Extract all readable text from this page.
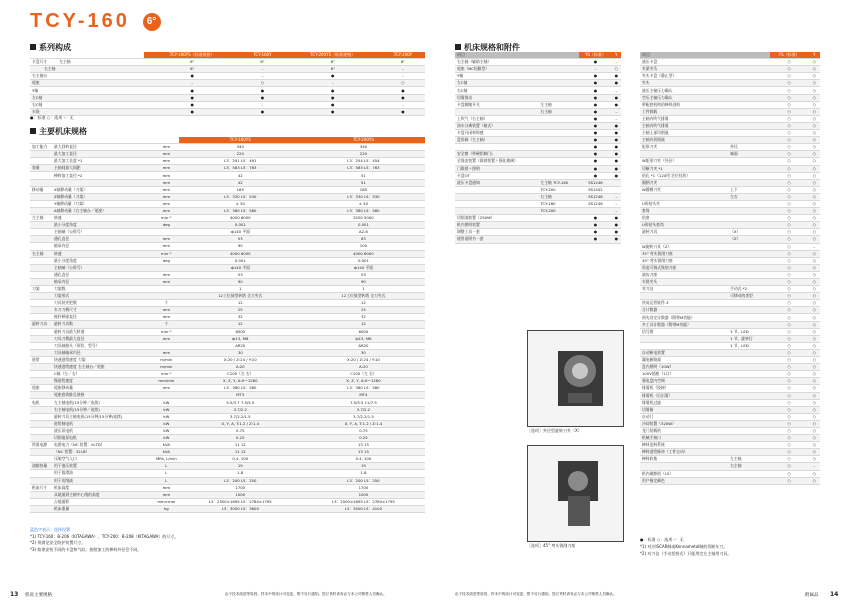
TCY-160 6°
系列构成
	TCY-160YS（标准规格）	TCY-160Y	TCY-200YS（标准规格）	TCY-200Y
卡盘尺寸 左主轴	6"	6"	8"	8"
右主轴	6"	–	6"	–
右主轴台	●	–	●	–
尾座	–	○	–	○
Y轴	●	●	●	●
左C轴	●	●	●	●
右C轴	●	–	●	–
车铣	●	●	●	●
●：标准 ○：选项 –：无
主要机床规格
		TCY-160YS	TCY-200YS
加工能力 最大回转直径	mm	340	340
最大加工直径	mm	220	220
最大加工长度 *1	mm	L3：291 L5：491	L3：254 L5：454
容量 主轴间最大间距	mm	L3：583 L5：763	L3：583 L5：763
棒料加工直径 *2	mm	42	51
	mm	42	51
移动量 X轴移动量（刀架）	mm	185	185
Z轴移动量（刀架）	mm	L3：330 L5：530	L3：330 L5：530
Y轴移动量（刀架）	mm	± 30	± 30
A轴移动量（右主轴台／尾座）	mm	L3：380 L5：580	L3：380 L5：580
左主轴 转速	min⁻¹	4000 6000	3200 5000
最小分度角度	deg	0.001	0.001
主轴端（公称号）		ф140 平面	A2-6
通孔直径	mm	53	63
轴承内径	mm	90	100
右主轴 转速	min⁻¹	4000 6000	4000 6000
最小分度角度	deg	0.001	0.001
主轴端（公称号）		ф140 平面	ф140 平面
通孔直径	mm	53	53
轴承内径	mm	90	90
刀架 刀架数		1	1
刀架形式		12工位鼓型转塔 全刀夹式	12工位鼓型转塔 全刀夹式
刀具装夹把数	个	12	12
车刀刀柄尺寸	mm	25	25
镗杆柄部直径	mm	32	32
旋转刀具 旋转刀具数	个	12	12
旋转刀具最大转速	min⁻¹	6000	6000
刀具刀柄最大直径	mm	ф13, M8	ф13, M8
刀具轴接头（形状、型号）		AR20	AR20
刀具轴轴承内径	mm	30	30
进给 快速进给速度 刀架	m/min	X:20 / Z:24 / Y:10	X:20 / Z:24 / Y:10
快速进给速度 右主轴台／尾座	m/min	A:20	A:20
C轴（左／右）	min⁻¹	C100（左 右）	C100（左 右）
慢进给速度	mm/min	X, Z, Y, A:0～1260	X, Z, Y, A:0～1260
尾座 尾座移动量	mm	L3：380 L5：580	L3：380 L5：580
尾座套筒锥孔规格		MT3	MT4
电机 左主轴电机(15分钟／连续)	kW	5.5/3.7 7.5/5.5	7.5/5.5 11/7.5
右主轴电机(15分钟／连续)	kW	3.7/2.2	3.7/2.2
旋转刀具主轴电机(15分钟/15分钟/连续)	kW	3.7/2.2/1.5	3.7/2.2/1.5
进给轴电机	kW	X, Y, A, T:1.2 / Z:1.4	X, Y, A, T:1.2 / Z:1.4
液压泵电机	kW	0.75	0.75
切削液泵电机	kW	0.25	0.25
所需电源 电源电力（NC 装置：0i-TD）	kVA	11 12	13 15
（NC 装置：32i-B）	kVA	11 12	13 15
压缩空气入口	MPa, L/min	0.4, 100	0.4, 100
油箱容量 用于液压装置	L	19	19
用于润滑油	L	1.8	1.8
用于切削液	L	L3：200 L5：250	L3：200 L5：250
机床尺寸 机床高度	mm	1700	1700
从地面到主轴中心线的高度	mm	1000	1000
占地面积	mm×mm	L3：2500×1695 L5：2780×1795	L3：2500×1695 L5：2780×1795
机床重量	kg	L3：3050 L5：3600	L3：3500 L5：4100
蓝色字表示：选择设置
*1) TCY-160：B-206（KITAGAWA）、TCY-200：B-208（KITAGAWA）的尺寸。
*2) 须满足安全防护装置尺寸。
*3) 如果安装不同的卡盘和气缸，按照加工的棒料外径会不同。
机床规格和附件
项目		YS（标准）	Y
右主轴（辅助主轴）		●	–
尾座（NC伺服型）		–	○
Y轴		●	●
左C轴		●	●
右C轴		●	–
切屑推出		●	●
卡盘脚踏开关	左主轴	●	●
	右主轴	●	–
上吹气（右主轴）		●	–
油水分离装置（箱式）		●	●
卡盘开闭材料感		●	●
盘形阀（左主轴）		●	●
		●	●
安全窗（带硬铝制门)		●	●
全保安装置（联锁装置＋强化玻璃）		●	●
门联锁＋照明		●	●
卡盘OT		●	●
液压卡盘通知	左主轴 TCY-160	SS1246	
	TCY-200	SS1452	
	右主轴	SS1246	–
	TCY-160	SS1246	–
	TCY-200		–
切削油装置（250W）		●	●
机内照明装置		●	●
调整工具一套		●	●
使用说明书一套		●	●
项目		YS（标准）	Y
液压卡盘		○	○
夹紧夹爪		○	○
夹头卡盘（静止型）		○	○
夹头		○	○
液压主轴压力确认		○	○
空压主轴压力确认		○	○
带配套机构的棒料进料		○	○
工件卸载		○	○
主轴内吹气排屑		○	○
主轴内吹气排屑		○	○
主轴上部切削液		○	○
主轴内切削液		○	○
矩形刀夹	外径	○	○
	端面	○	○
W矩形刀夹（外径）		○	○
切断刀夹 *1		○	○
钻孔 *1（120用 定位挂块）		○	○
圆柄刀夹		○	○
W圆柄刀夹	上下	○	○
	左右	○	○
U形钻头夹		○	○
套筒		○	○
钻套		○	○
U形钻头套筒		○	○
旋转刀具	（X）	○	○
	（Z）	○	○
W旋转刀具（Z）		○	–
35° 弯头铣削刀座		○	○
45° 弯头铣削刀座		○	○
角度可调式铣削刀座		○	○
滚齿刀座		○	○
车铣夹头		○	○
对刀仪	手动式 *2	○	○
	可移动的类型	○	○
快易运营软件-3		○	○
合计数器		○	○
预先设定计数器（附带M功能）		○	○
多工具计数器（附带M功能）		○	○
信号塔	3 节，LED	○	○
	1 节，旋转灯	○	○
	1 节，LED	○	○
自动断电装置		○	○
漏电断路器		○	○
盘内照明（10W）		○	○
100V插座（1口）		○	○
强电盘内空调		○	○
排屑机（铰接）		○	○
排屑机（后出屑）		○	○
排屑机过滤		○	○
切屑箱		○	○
自动门		○	○
冷却装置（320W）		○	○
龙门装载机		○	○
机械手接口		○	○
棒材送料系统		○	○
棒料进给脉冲（工件自动）		○	○
棒料收集	左主轴	○	○
	右主轴	○	–
机内刷卸机（L5）		○	○
用户指定颜色		○	○
●：标准 ○：选项 –：无
*1) 对应ISCAR制或Kennametal制的切断车刀。
*2) 对刀仪（手动括持式）只能用定左主轴用刀具。
［选项］外径型旋转刀夹（X）
［选项］45° 弯头铣削刀座
13 机床主要规格	由于技术改进等原因，样本中的设计可变更，暂不另行通知。您订货时请务必与本公司销售人员确认。	由于技术改进等原因，样本中的设计可变更，暂不另行通知。您订货时请务必与本公司销售人员确认。	附属品 14
